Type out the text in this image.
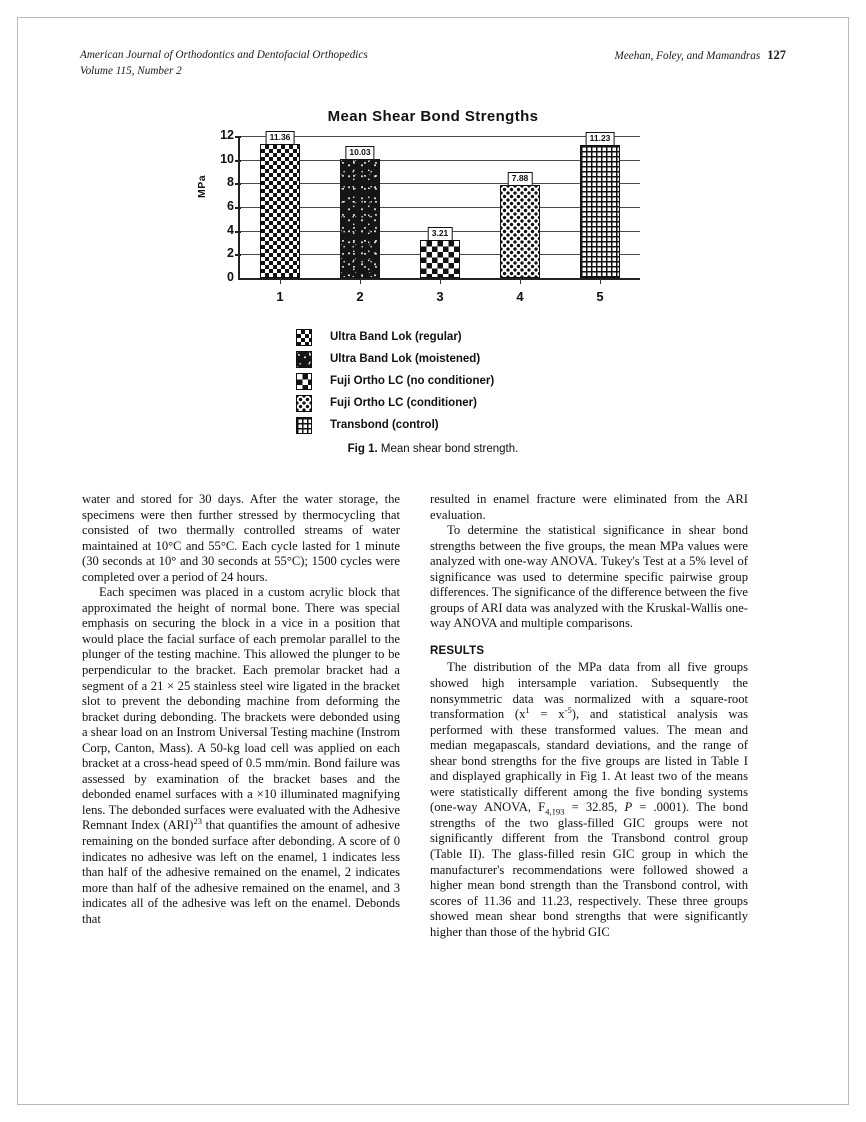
American Journal of Orthodontics and Dentofacial Orthopedics
Volume 115, Number 2
Meehan, Foley, and Mamandras 127
Mean Shear Bond Strengths
MPa
0
2
4
6
8
10
12	11.36
1
10.03
2
3.21
3
7.88
4
11.23
5
Ultra Band Lok (regular)
Ultra Band Lok (moistened)
Fuji Ortho LC (no conditioner)
Fuji Ortho LC (conditioner)
Transbond (control)
Fig 1. Mean shear bond strength.

water and stored for 30 days. After the water storage, the specimens were then further stressed by thermocycling that consisted of two thermally controlled streams of water maintained at 10°C and 55°C. Each cycle lasted for 1 minute (30 seconds at 10° and 30 seconds at 55°C); 1500 cycles were completed over a period of 24 hours.

Each specimen was placed in a custom acrylic block that approximated the height of normal bone. There was special emphasis on securing the block in a vice in a position that would place the facial surface of each premolar parallel to the plunger of the testing machine. This allowed the plunger to be perpendicular to the bracket. Each premolar bracket had a segment of a 21 × 25 stainless steel wire ligated in the bracket slot to prevent the debonding machine from deforming the bracket during debonding. The brackets were debonded using a shear load on an Instrom Universal Testing machine (Instrom Corp, Canton, Mass). A 50-kg load cell was applied on each bracket at a cross-head speed of 0.5 mm/min. Bond failure was assessed by examination of the bracket bases and the debonded enamel surfaces with a ×10 illuminated magnifying lens. The debonded surfaces were evaluated with the Adhesive Remnant Index (ARI)$^{23}$ that quantifies the amount of adhesive remaining on the bonded surface after debonding. A score of 0 indicates no adhesive was left on the enamel, 1 indicates less than half of the adhesive remained on the enamel, 2 indicates more than half of the adhesive remained on the enamel, and 3 indicates all of the adhesive was left on the enamel. Debonds that

resulted in enamel fracture were eliminated from the ARI evaluation.

To determine the statistical significance in shear bond strengths between the five groups, the mean MPa values were analyzed with one-way ANOVA. Tukey's Test at a 5% level of significance was used to determine specific pairwise group differences. The significance of the difference between the five groups of ARI data was analyzed with the Kruskal-Wallis one-way ANOVA and multiple comparisons.

RESULTS

The distribution of the MPa data from all five groups showed high intersample variation. Subsequently the nonsymmetric data was normalized with a square-root transformation $(x^1 = x^{-5})$, and statistical analysis was performed with these transformed values. The mean and median megapascals, standard deviations, and the range of shear bond strengths for the five groups are listed in Table I and displayed graphically in Fig 1. At least two of the means were statistically different among the five bonding systems (one-way ANOVA, $F_{4,193} = 32.85$, P = .0001). The bond strengths of the two glass-filled GIC groups were not significantly different from the Transbond control group (Table II). The glass-filled resin GIC group in which the manufacturer's recommendations were followed showed a higher mean bond strength than the Transbond control, with scores of 11.36 and 11.23, respectively. These three groups showed mean shear bond strengths that were significantly higher than those of the hybrid GIC
